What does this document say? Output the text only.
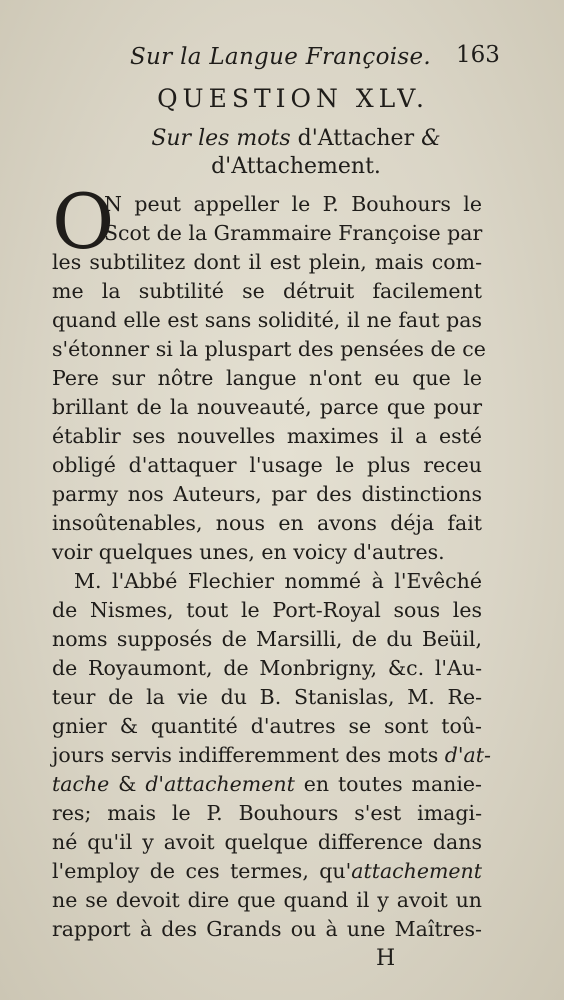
Sur la Langue Françoise.	163
QUESTION XLV.
Sur les mots d'Attacher &
d'Attachement.
O
N peut appeller le P. Bouhours le
Scot de la Grammaire Françoise par
les subtilitez dont il est plein, mais com-
me la subtilité se détruit facilement
quand elle est sans solidité, il ne faut pas
s'étonner si la pluspart des pensées de ce
Pere sur nôtre langue n'ont eu que le
brillant de la nouveauté, parce que pour
établir ses nouvelles maximes il a esté
obligé d'attaquer l'usage le plus receu
parmy nos Auteurs, par des distinctions
insoûtenables, nous en avons déja fait
voir quelques unes, en voicy d'autres.
M. l'Abbé Flechier nommé à l'Evêché
de Nismes, tout le Port-Royal sous les
noms supposés de Marsilli, de du Beüil,
de Royaumont, de Monbrigny, &c. l'Au-
teur de la vie du B. Stanislas, M. Re-
gnier & quantité d'autres se sont toû-
jours servis indifferemment des mots d'at-
tache & d'attachement en toutes manie-
res; mais le P. Bouhours s'est imagi-
né qu'il y avoit quelque difference dans
l'employ de ces termes, qu'attachement
ne se devoit dire que quand il y avoit un
rapport à des Grands ou à une Maîtres-
H
